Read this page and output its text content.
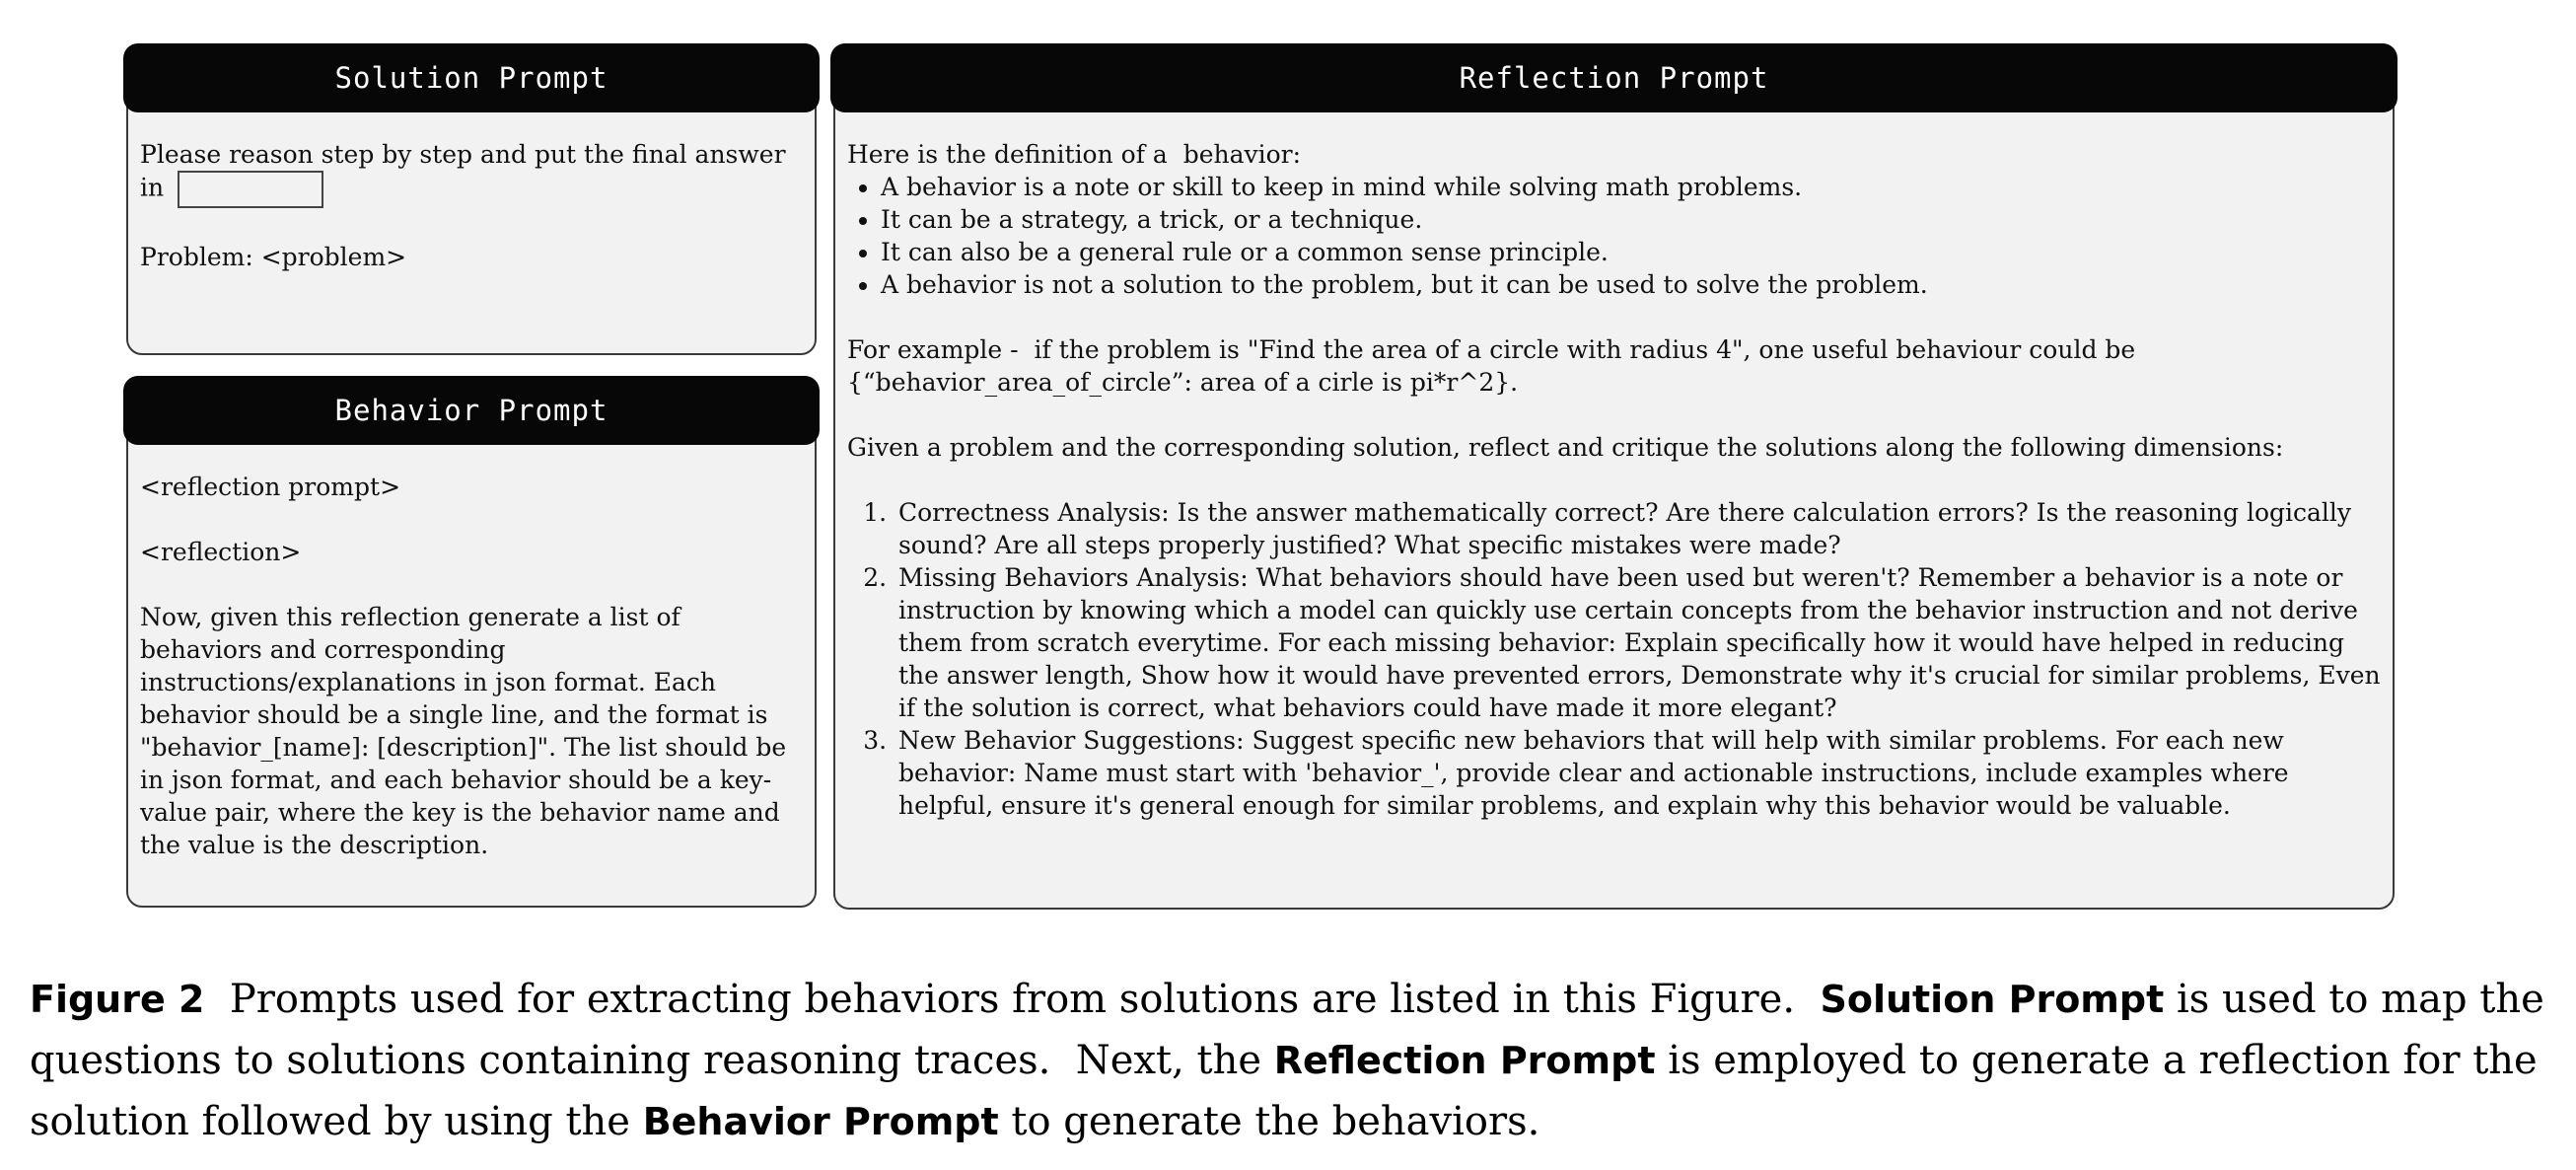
Solution Prompt

Please reason step by step and put the final answer in

Problem: <problem>

Behavior Prompt

<reflection prompt>

<reflection>

Now, given this reflection generate a list of behaviors and corresponding instructions/explanations in json format. Each behavior should be a single line, and the format is "behavior_[name]: [description]". The list should be in json format, and each behavior should be a key-value pair, where the key is the behavior name and the value is the description.

Reflection Prompt

Here is the definition of a  behavior:

• A behavior is a note or skill to keep in mind while solving math problems.
• It can be a strategy, a trick, or a technique.
• It can also be a general rule or a common sense principle.
• A behavior is not a solution to the problem, but it can be used to solve the problem.

For example -  if the problem is "Find the area of a circle with radius 4", one useful behaviour could be {“behavior_area_of_circle”: area of a cirle is pi*r^2}.

Given a problem and the corresponding solution, reflect and critique the solutions along the following dimensions:

1. Correctness Analysis: Is the answer mathematically correct? Are there calculation errors? Is the reasoning logically sound? Are all steps properly justified? What specific mistakes were made?
2. Missing Behaviors Analysis: What behaviors should have been used but weren't? Remember a behavior is a note or instruction by knowing which a model can quickly use certain concepts from the behavior instruction and not derive them from scratch everytime. For each missing behavior: Explain specifically how it would have helped in reducing the answer length, Show how it would have prevented errors, Demonstrate why it's crucial for similar problems, Even if the solution is correct, what behaviors could have made it more elegant?
3. New Behavior Suggestions: Suggest specific new behaviors that will help with similar problems. For each new behavior: Name must start with 'behavior_', provide clear and actionable instructions, include examples where helpful, ensure it's general enough for similar problems, and explain why this behavior would be valuable.

Figure 2  Prompts used for extracting behaviors from solutions are listed in this Figure.  Solution Prompt is used to map the questions to solutions containing reasoning traces.  Next, the Reflection Prompt is employed to generate a reflection for the solution followed by using the Behavior Prompt to generate the behaviors.
